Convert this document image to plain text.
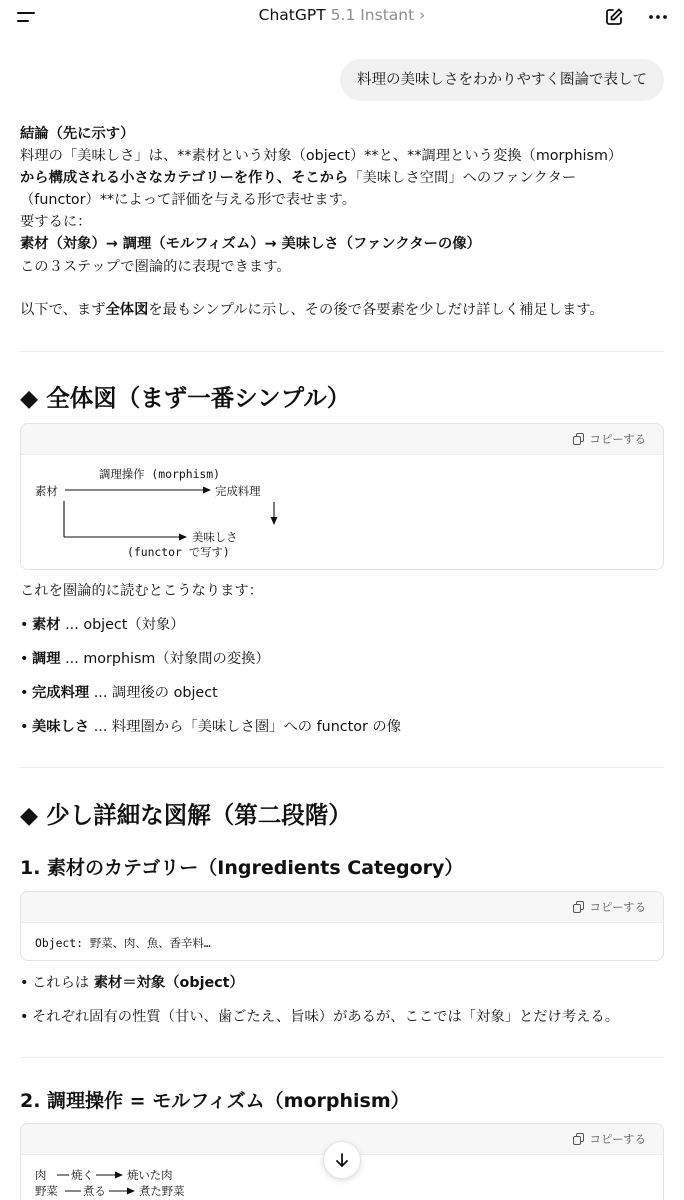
ChatGPT 5.1 Instant ›
料理の美味しさをわかりやすく圏論で表して
結論（先に示す）
料理の「美味しさ」は、**素材という対象（object）**と、**調理という変換（morphism）
から構成される小さなカテゴリーを作り、そこから「美味しさ空間」へのファンクター
（functor）**によって評価を与える形で表せます。
要するに：
素材（対象）→ 調理（モルフィズム）→ 美味しさ（ファンクターの像）
この３ステップで圏論的に表現できます。
以下で、まず全体図を最もシンプルに示し、その後で各要素を少しだけ詳しく補足します。
◆ 全体図（まず一番シンプル）
コピーする
調理操作 (morphism)
素材	完成料理
美味しさ
(functor で写す)
これを圏論的に読むとこうなります：
• 素材 ... object（対象）
• 調理 ... morphism（対象間の変換）
• 完成料理 ... 調理後の object
• 美味しさ ... 料理圏から「美味しさ圏」への functor の像
◆ 少し詳細な図解（第二段階）
1. 素材のカテゴリー（Ingredients Category）
コピーする
Object: 野菜、肉、魚、香辛料…
• これらは 素材＝対象（object）
• それぞれ固有の性質（甘い、歯ごたえ、旨味）があるが、ここでは「対象」とだけ考える。
2. 調理操作 = モルフィズム（morphism）
コピーする
肉 焼く	焼いた肉
野菜 煮る	煮た野菜
